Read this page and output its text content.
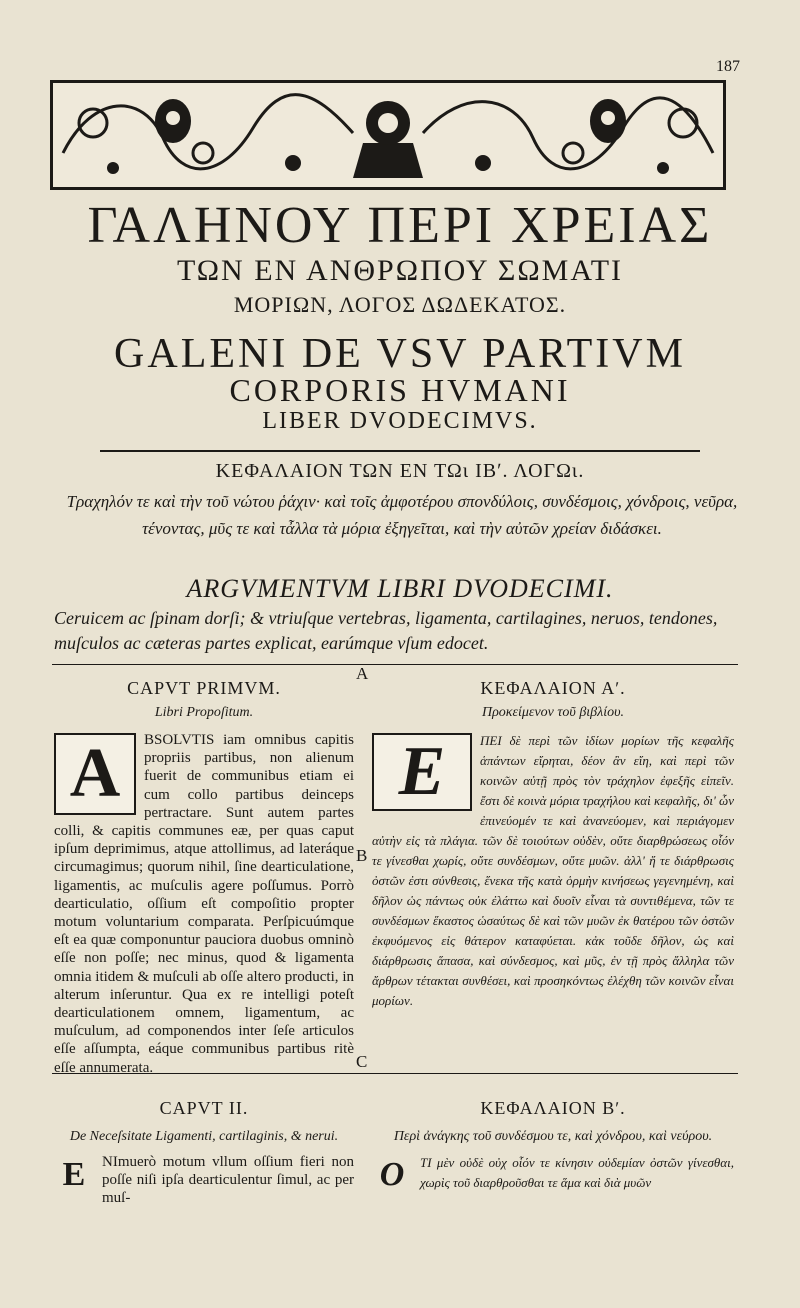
187
ΓΑΛΗΝΟΥ ΠΕΡΙ ΧΡΕΙΑΣ
ΤΩΝ ΕΝ ΑΝΘΡΩΠΟΥ ΣΩΜΑΤΙ
ΜΟΡΙΩΝ, ΛΟΓΟΣ ΔΩΔΕΚΑΤΟΣ.
GALENI DE VSV PARTIVM
CORPORIS HVMANI
LIBER DVODECIMVS.
ΚΕΦΑΛΑΙΟΝ ΤΩΝ ΕΝ ΤΩι ΙΒʹ. ΛΟΓΩι.
Τραχηλόν τε καὶ τὴν τοῦ νώτου ῥάχιν· καὶ τοῖς ἀμφοτέρου σπονδύλοις, συνδέσμοις, χόνδροις, νεῦρα, τένοντας, μῦς τε καὶ τἆλλα τὰ μόρια ἐξηγεῖται, καὶ τὴν αὐτῶν χρείαν διδάσκει.
ARGVMENTVM LIBRI DVODECIMI.
Ceruicem ac ſpinam dorſi; & vtriuſque vertebras, ligamenta, cartilagines, neruos, tendones, muſculos ac cæteras partes explicat, earúmque vſum edocet.
A
B
C
CAPVT PRIMVM.
Libri Propoſitum.
A	BSOLVTIS iam omnibus capitis propriis partibus, non alienum fuerit de communibus etiam ei cum collo partibus deinceps pertractare. Sunt autem partes colli, & capitis communes eæ, per quas caput ipſum deprimimus, atque attollimus, ad lateráque circumagimus; quorum nihil, ſine dearticulatione, ligamentis, ac muſculis agere poſſumus. Porrò dearticulatio, oſſium eſt compoſitio propter motum voluntarium comparata. Perſpicuúmque eſt ea quæ componuntur pauciora duobus omninò eſſe non poſſe; nec minus, quod & ligamenta omnia itidem & muſculi ab oſſe altero producti, in alterum inſeruntur. Qua ex re intelligi poteſt dearticulationem omnem, ligamentum, ac muſculum, ad componendos inter ſeſe articulos eſſe aſſumpta, eáque communibus partibus ritè eſſe annumerata.
ΚΕΦΑΛΑΙΟΝ Αʹ.
Προκείμενον τοῦ βιβλίου.
Ε	ΠΕΙ δὲ περὶ τῶν ἰδίων μορίων τῆς κεφαλῆς ἁπάντων εἴρηται, δέον ἂν εἴη, καὶ περὶ τῶν κοινῶν αὐτῇ πρὸς τὸν τράχηλον ἐφεξῆς εἰπεῖν. ἔστι δὲ κοινὰ μόρια τραχήλου καὶ κεφαλῆς, δι' ὧν ἐπινεύομέν τε καὶ ἀνανεύομεν, καὶ περιάγομεν αὐτὴν εἰς τὰ πλάγια. τῶν δὲ τοιούτων οὐδὲν, οὔτε διαρθρώσεως οἷόν τε γίνεσθαι χωρίς, οὔτε συνδέσμων, οὔτε μυῶν. ἀλλ' ἥ τε διάρθρωσις ὀστῶν ἐστι σύνθεσις, ἕνεκα τῆς κατὰ ὁρμὴν κινήσεως γεγενημένη, καὶ δῆλον ὡς πάντως οὐκ ἐλάττω καὶ δυοῖν εἶναι τὰ συντιθέμενα, τῶν τε συνδέσμων ἕκαστος ὡσαύτως δὲ καὶ τῶν μυῶν ἐκ θατέρου τῶν ὀστῶν ἐκφυόμενος εἰς θάτερον καταφύεται. κἀκ τοῦδε δῆλον, ὡς καὶ διάρθρωσις ἅπασα, καὶ σύνδεσμος, καὶ μῦς, ἐν τῇ πρὸς ἄλληλα τῶν ἄρθρων τέτακται συνθέσει, καὶ προσηκόντως ἐλέχθη τῶν κοινῶν εἶναι μορίων.
CAPVT II.
De Neceſsitate Ligamenti, cartilaginis, & nerui.
E	NImuerò motum vllum oſſium fieri non poſſe niſi ipſa dearticulentur ſimul, ac per muſ-
ΚΕΦΑΛΑΙΟΝ Βʹ.
Περὶ ἀνάγκης τοῦ συνδέσμου τε, καὶ χόνδρου, καὶ νεύρου.
Ο	ΤΙ μὲν οὐδὲ οὐχ οἷόν τε κίνησιν οὐδεμίαν ὀστῶν γίνεσθαι, χωρὶς τοῦ διαρθροῦσθαι τε ἅμα καὶ διὰ μυῶν
